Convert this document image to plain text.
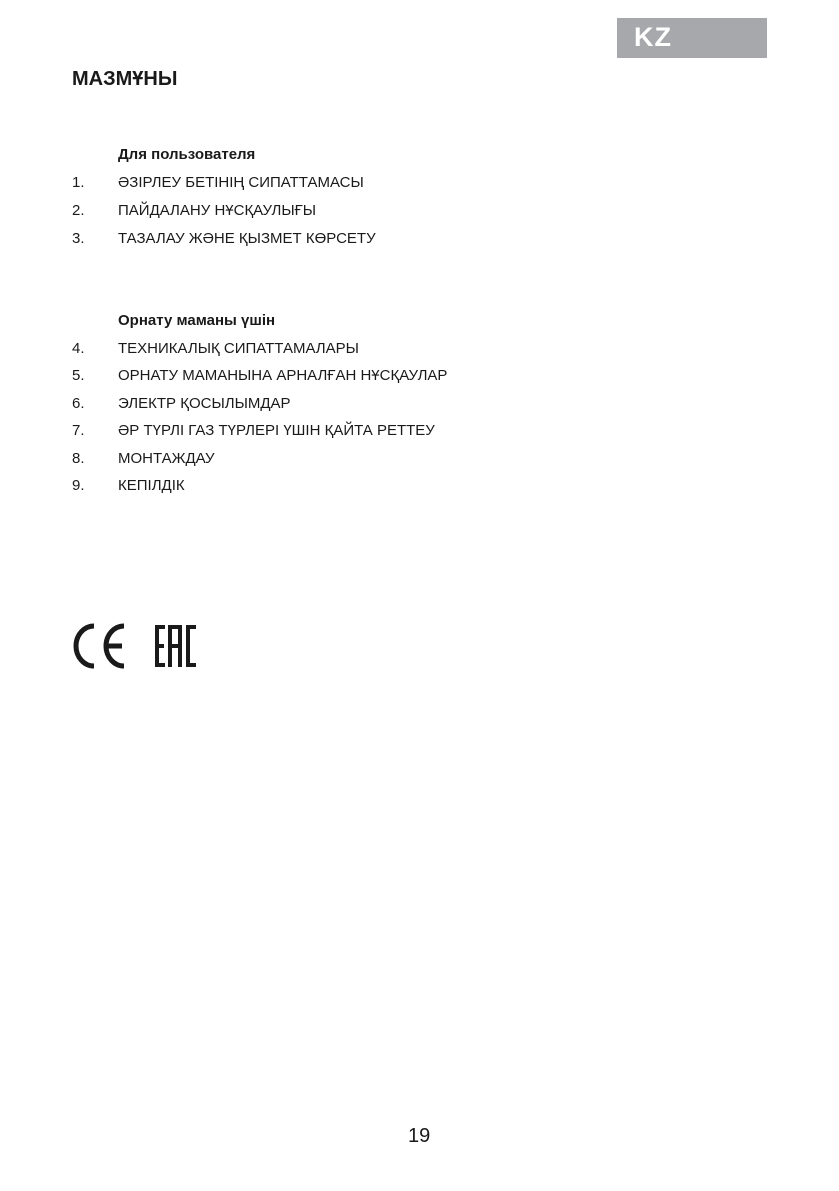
KZ
МАЗМҰНЫ
Для пользователя
1.	ӘЗІРЛЕУ БЕТІНІҢ СИПАТТАМАСЫ
2.	ПАЙДАЛАНУ НҰСҚАУЛЫҒЫ
3.	ТАЗАЛАУ ЖӘНЕ ҚЫЗМЕТ КӨРСЕТУ
Орнату маманы үшін
4.	ТЕХНИКАЛЫҚ СИПАТТАМАЛАРЫ
5.	ОРНАТУ МАМАНЫНА АРНАЛҒАН НҰСҚАУЛАР
6.	ЭЛЕКТР ҚОСЫЛЫМДАР
7.	ӘР ТҮРЛІ ГАЗ ТҮРЛЕРІ ҮШІН ҚАЙТА РЕТТЕУ
8.	МОНТАЖДАУ
9.	КЕПІЛДІК
19
